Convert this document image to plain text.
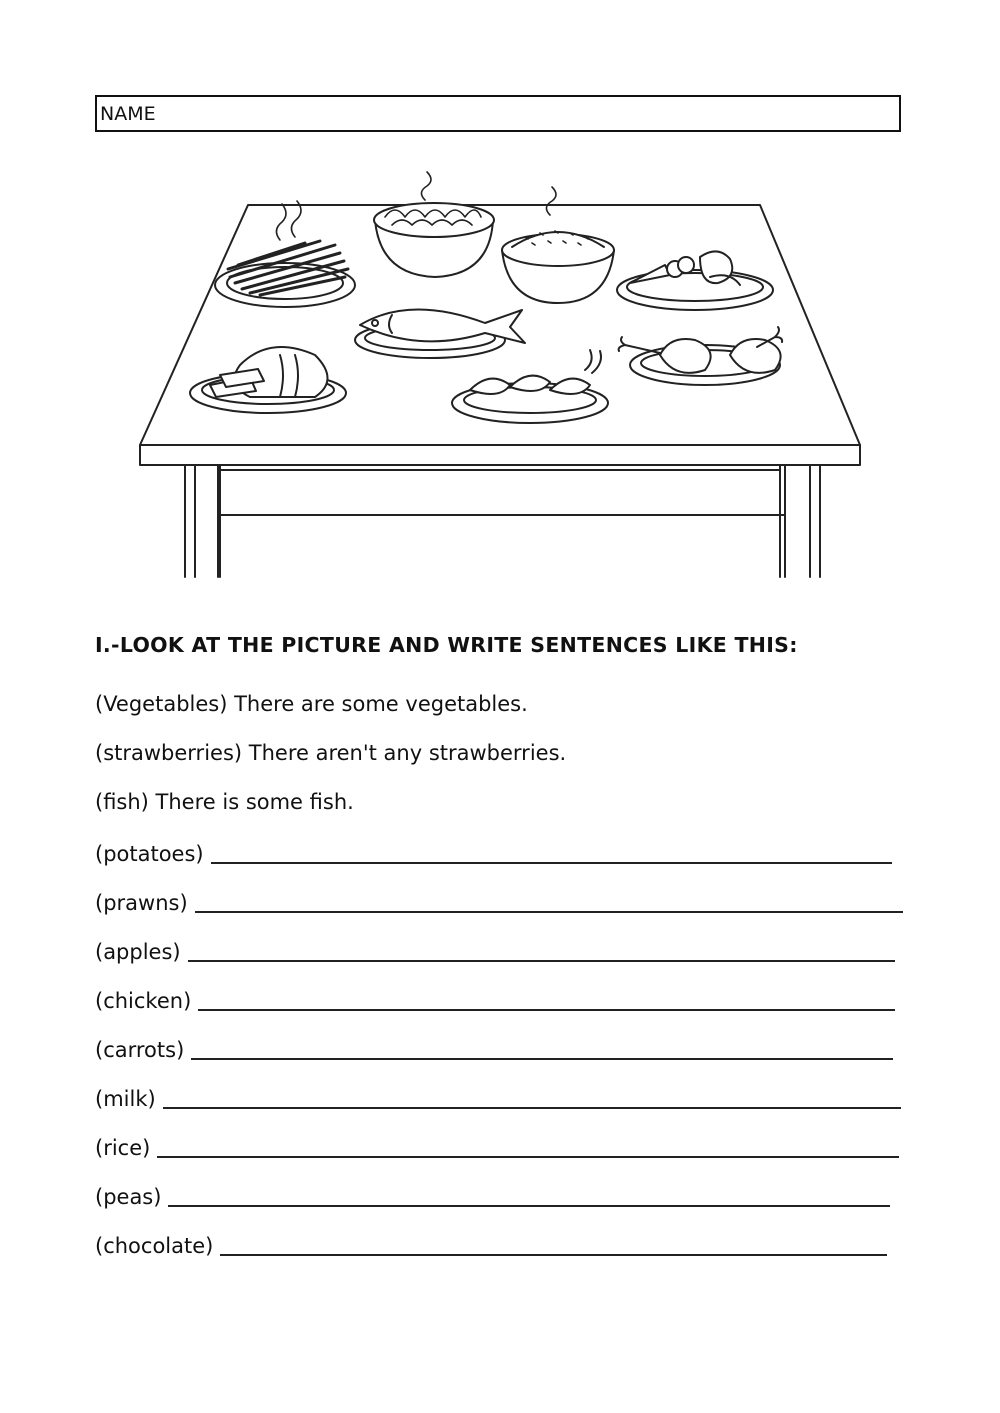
NAME
I.-LOOK AT THE PICTURE AND WRITE SENTENCES LIKE THIS:
(Vegetables) There are some vegetables.
(strawberries) There aren't any strawberries.
(fish) There is some fish.
(potatoes)
(prawns)
(apples)
(chicken)
(carrots)
(milk)
(rice)
(peas)
(chocolate)
